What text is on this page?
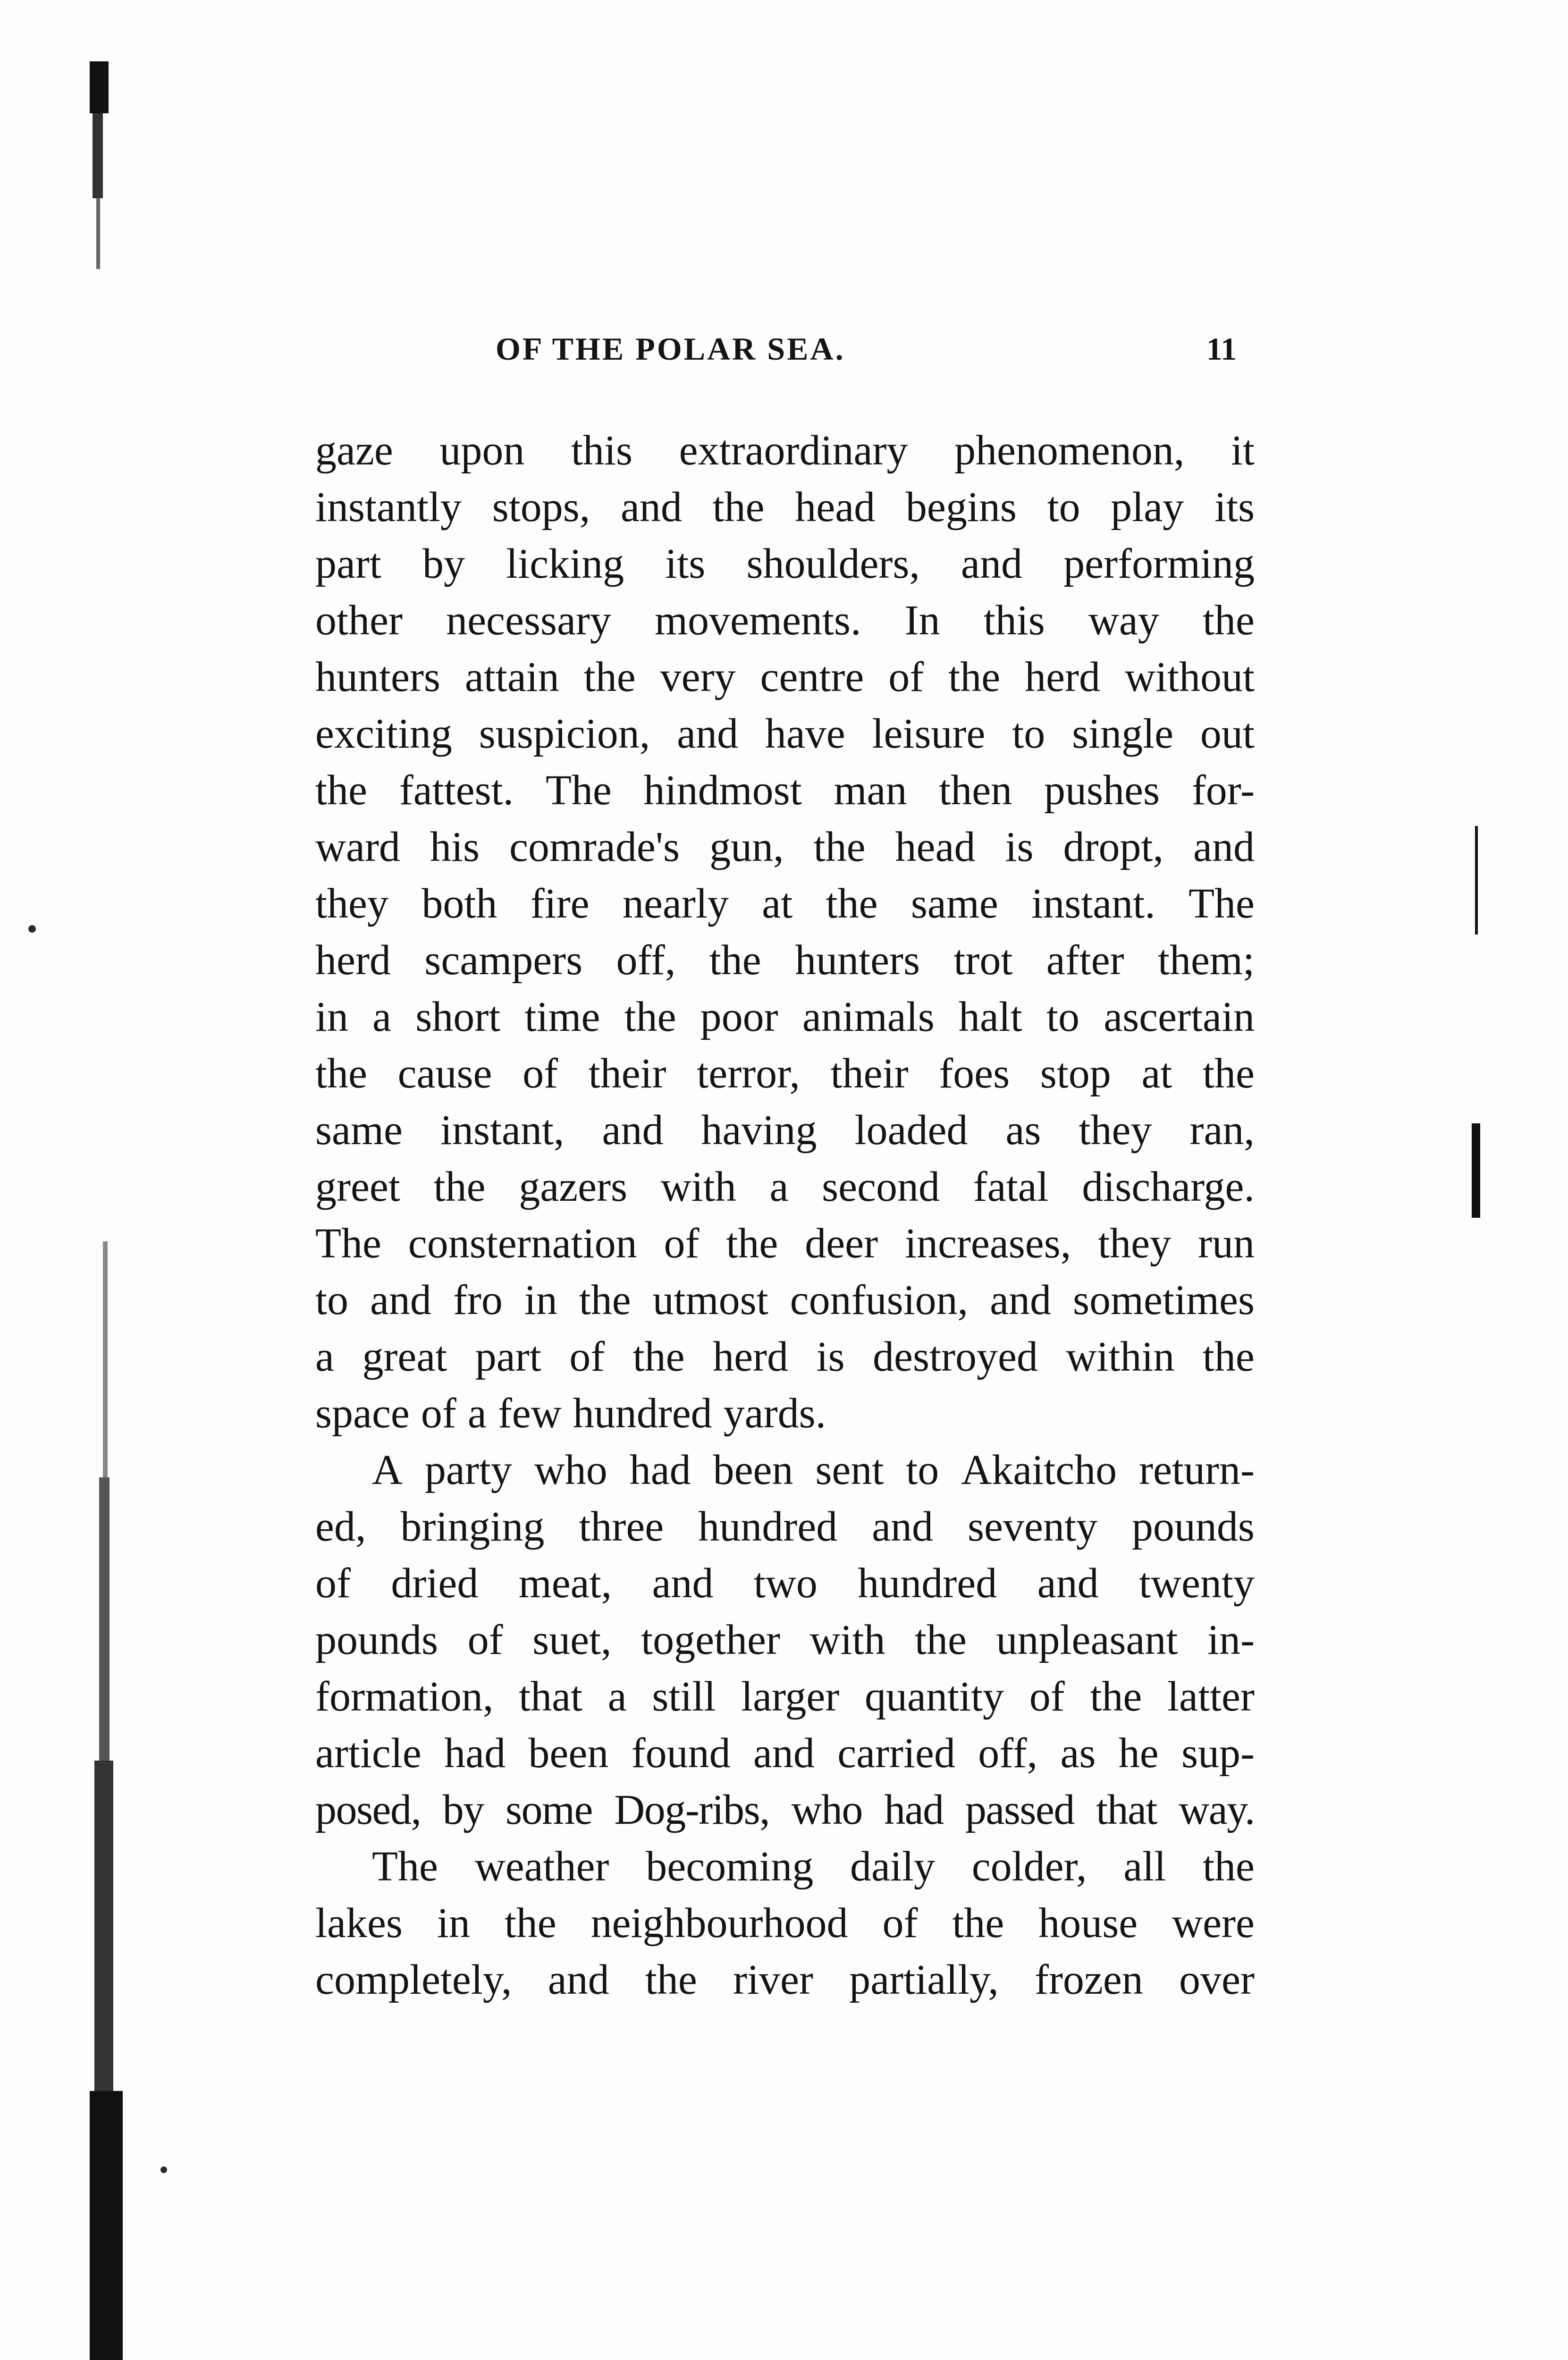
OF THE POLAR SEA.	11
gaze upon this extraordinary phenomenon, it
instantly stops, and the head begins to play its
part by licking its shoulders, and performing
other necessary movements. In this way the
hunters attain the very centre of the herd without
exciting suspicion, and have leisure to single out
the fattest. The hindmost man then pushes for-
ward his comrade's gun, the head is dropt, and
they both fire nearly at the same instant. The
herd scampers off, the hunters trot after them;
in a short time the poor animals halt to ascertain
the cause of their terror, their foes stop at the
same instant, and having loaded as they ran,
greet the gazers with a second fatal discharge.
The consternation of the deer increases, they run
to and fro in the utmost confusion, and sometimes
a great part of the herd is destroyed within the
space of a few hundred yards.
A party who had been sent to Akaitcho return-
ed, bringing three hundred and seventy pounds
of dried meat, and two hundred and twenty
pounds of suet, together with the unpleasant in-
formation, that a still larger quantity of the latter
article had been found and carried off, as he sup-
posed, by some Dog-ribs, who had passed that way.
The weather becoming daily colder, all the
lakes in the neighbourhood of the house were
completely, and the river partially, frozen over
